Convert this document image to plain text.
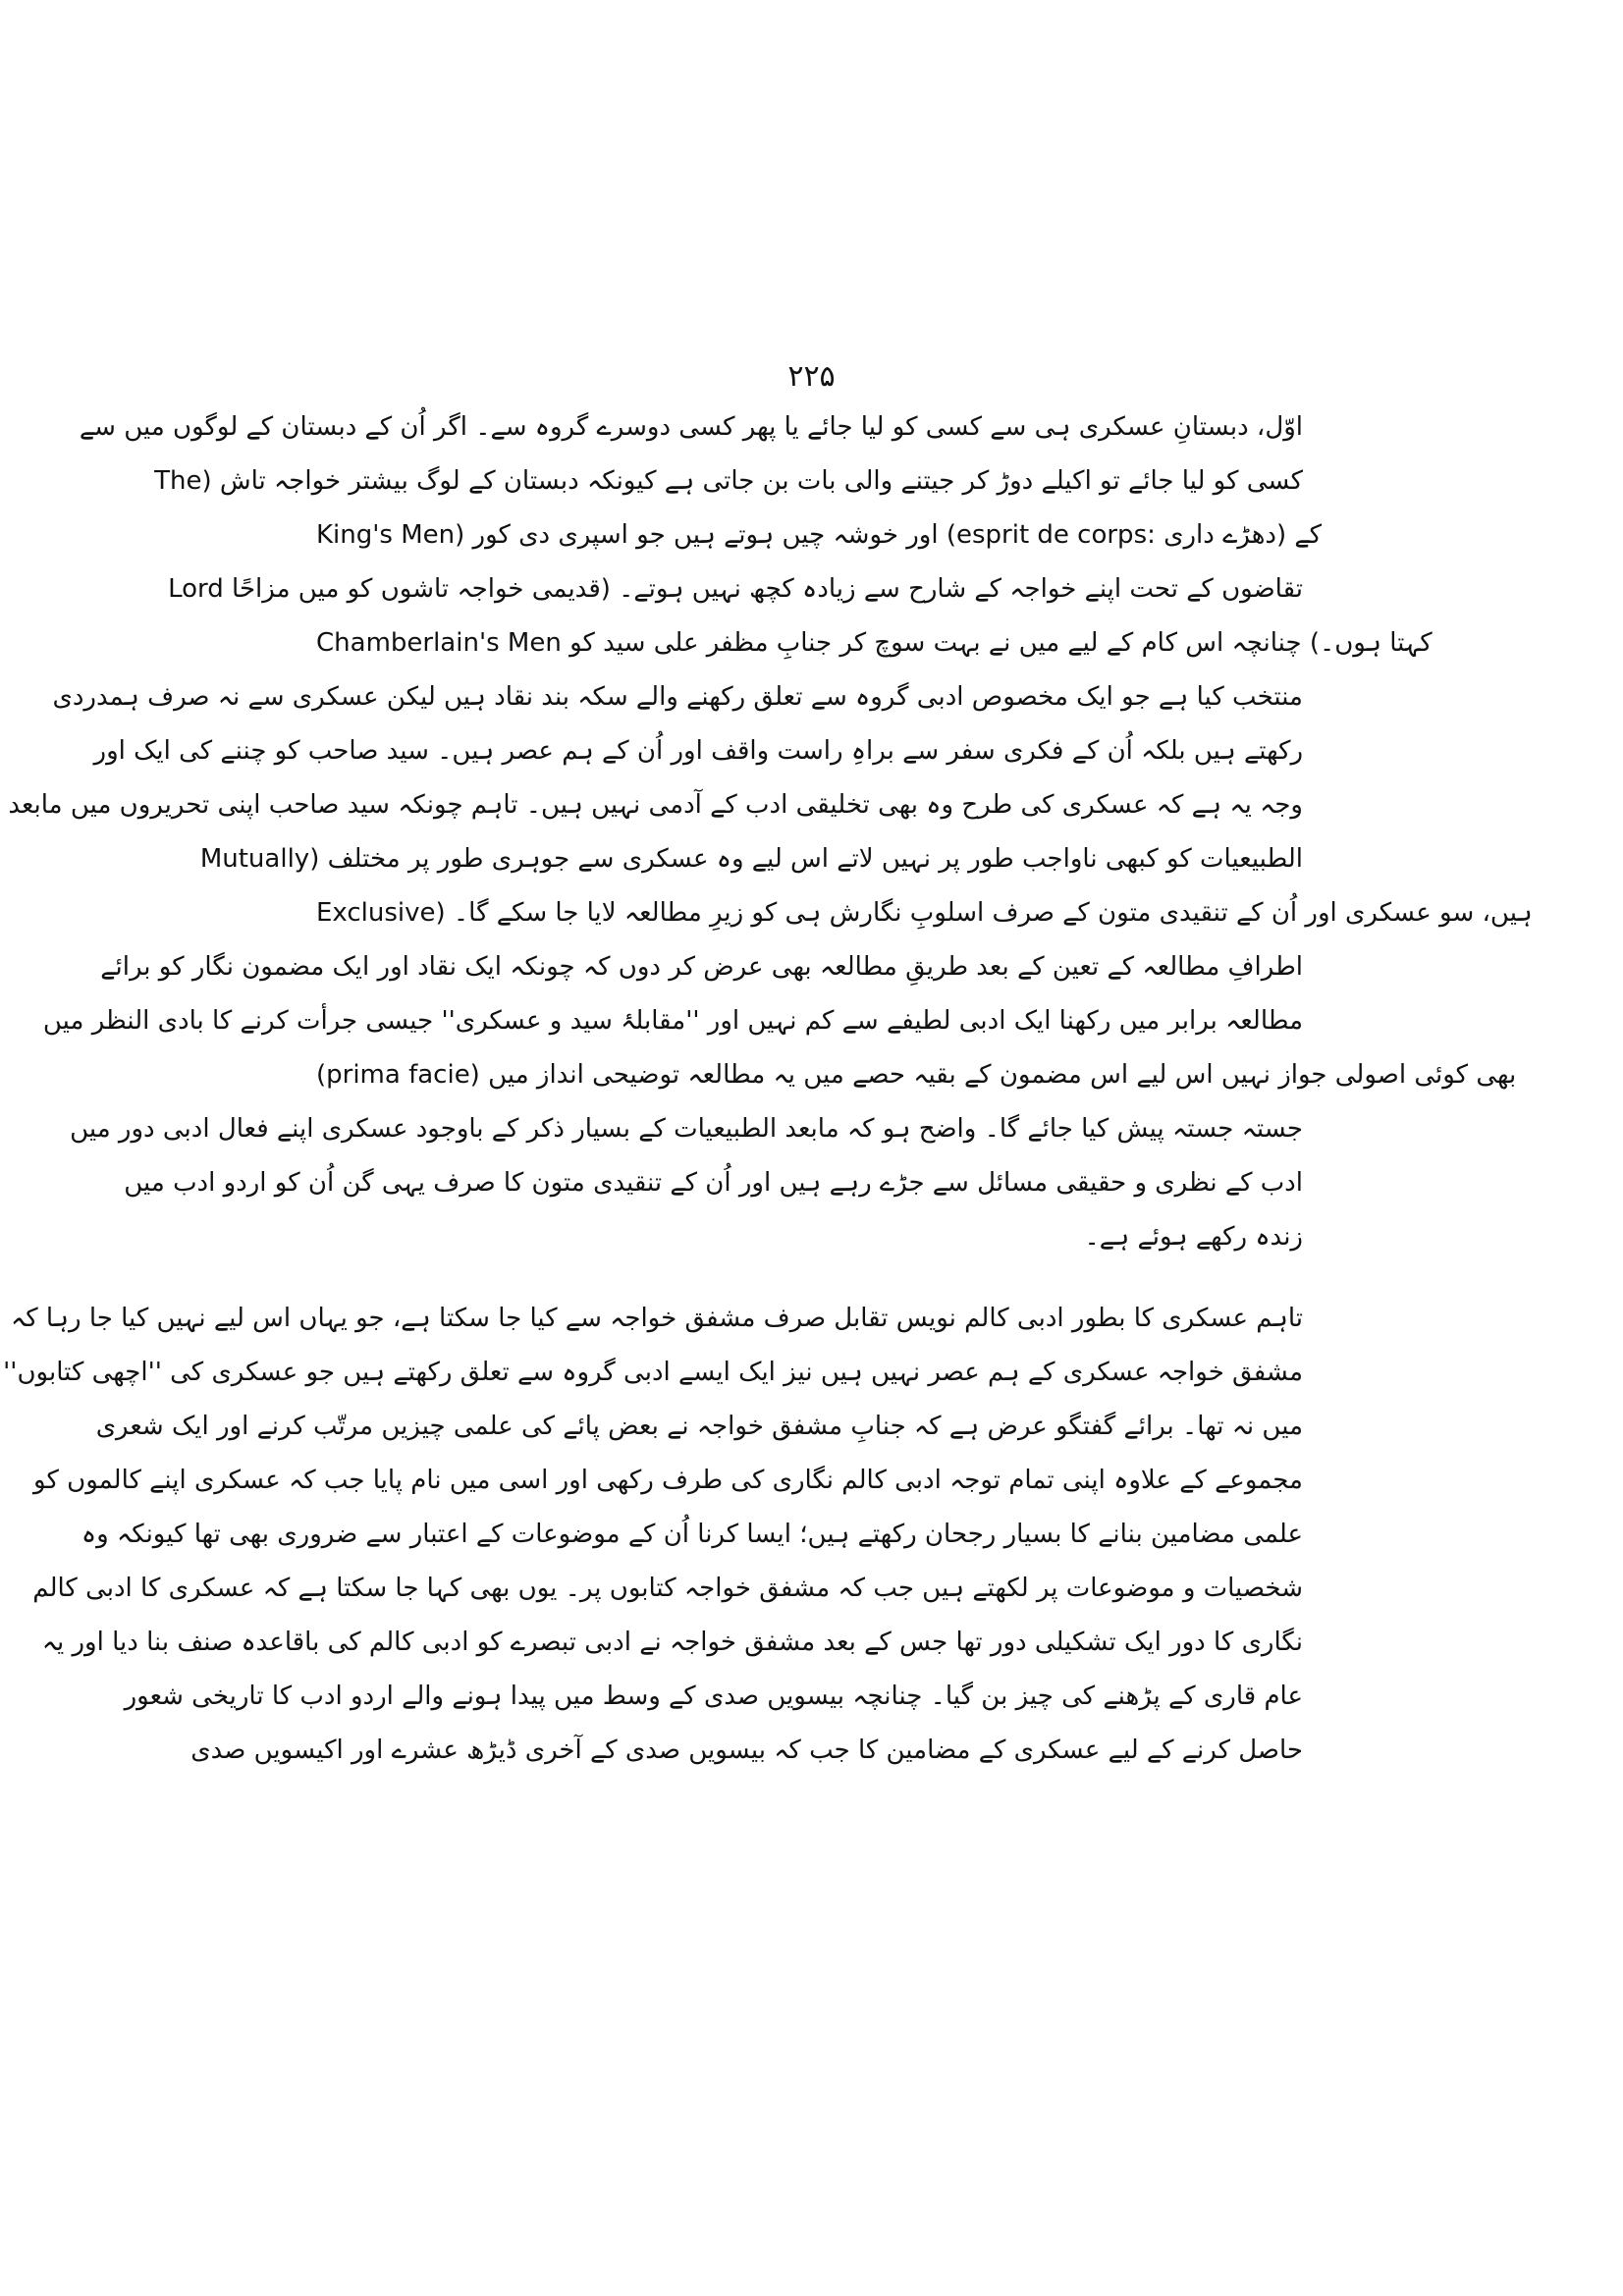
۲۲۵
اوّل، دبستانِ عسکری ہی سے کسی کو لیا جائے یا پھر کسی دوسرے گروہ سے۔ اگر اُن کے دبستان کے لوگوں میں سے
کسی کو لیا جائے تو اکیلے دوڑ کر جیتنے والی بات بن جاتی ہے کیونکہ دبستان کے لوگ بیشتر خواجہ تاش (The
King's Men) اور خوشہ چیں ہوتے ہیں جو اسپری دی کور (esprit de corps: دھڑے داری) کے
تقاضوں کے تحت اپنے خواجہ کے شارح سے زیادہ کچھ نہیں ہوتے۔ (قدیمی خواجہ تاشوں کو میں مزاحًا Lord
Chamberlain's Men کہتا ہوں۔) چنانچہ اس کام کے لیے میں نے بہت سوچ کر جنابِ مظفر علی سید کو
منتخب کیا ہے جو ایک مخصوص ادبی گروہ سے تعلق رکھنے والے سکہ بند نقاد ہیں لیکن عسکری سے نہ صرف ہمدردی
رکھتے ہیں بلکہ اُن کے فکری سفر سے براہِ راست واقف اور اُن کے ہم عصر ہیں۔ سید صاحب کو چننے کی ایک اور
وجہ یہ ہے کہ عسکری کی طرح وہ بھی تخلیقی ادب کے آدمی نہیں ہیں۔ تاہم چونکہ سید صاحب اپنی تحریروں میں مابعد
الطبیعیات کو کبھی ناواجب طور پر نہیں لاتے اس لیے وہ عسکری سے جوہری طور پر مختلف (Mutually
Exclusive) ہیں، سو عسکری اور اُن کے تنقیدی متون کے صرف اسلوبِ نگارش ہی کو زیرِ مطالعہ لایا جا سکے گا۔
اطرافِ مطالعہ کے تعین کے بعد طریقِ مطالعہ بھی عرض کر دوں کہ چونکہ ایک نقاد اور ایک مضمون نگار کو برائے
مطالعہ برابر میں رکھنا ایک ادبی لطیفے سے کم نہیں اور ''مقابلۂ سید و عسکری'' جیسی جرأت کرنے کا بادی النظر میں
(prima facie) بھی کوئی اصولی جواز نہیں اس لیے اس مضمون کے بقیہ حصے میں یہ مطالعہ توضیحی انداز میں
جستہ جستہ پیش کیا جائے گا۔ واضح ہو کہ مابعد الطبیعیات کے بسیار ذکر کے باوجود عسکری اپنے فعال ادبی دور میں
ادب کے نظری و حقیقی مسائل سے جڑے رہے ہیں اور اُن کے تنقیدی متون کا صرف یہی گن اُن کو اردو ادب میں
زندہ رکھے ہوئے ہے۔
تاہم عسکری کا بطور ادبی کالم نویس تقابل صرف مشفق خواجہ سے کیا جا سکتا ہے، جو یہاں اس لیے نہیں کیا جا رہا کہ
مشفق خواجہ عسکری کے ہم عصر نہیں ہیں نیز ایک ایسے ادبی گروہ سے تعلق رکھتے ہیں جو عسکری کی ''اچھی کتابوں''
میں نہ تھا۔ برائے گفتگو عرض ہے کہ جنابِ مشفق خواجہ نے بعض پائے کی علمی چیزیں مرتّب کرنے اور ایک شعری
مجموعے کے علاوہ اپنی تمام توجہ ادبی کالم نگاری کی طرف رکھی اور اسی میں نام پایا جب کہ عسکری اپنے کالموں کو
علمی مضامین بنانے کا بسیار رجحان رکھتے ہیں؛ ایسا کرنا اُن کے موضوعات کے اعتبار سے ضروری بھی تھا کیونکہ وہ
شخصیات و موضوعات پر لکھتے ہیں جب کہ مشفق خواجہ کتابوں پر۔ یوں بھی کہا جا سکتا ہے کہ عسکری کا ادبی کالم
نگاری کا دور ایک تشکیلی دور تھا جس کے بعد مشفق خواجہ نے ادبی تبصرے کو ادبی کالم کی باقاعدہ صنف بنا دیا اور یہ
عام قاری کے پڑھنے کی چیز بن گیا۔ چنانچہ بیسویں صدی کے وسط میں پیدا ہونے والے اردو ادب کا تاریخی شعور
حاصل کرنے کے لیے عسکری کے مضامین کا جب کہ بیسویں صدی کے آخری ڈیڑھ عشرے اور اکیسویں صدی
